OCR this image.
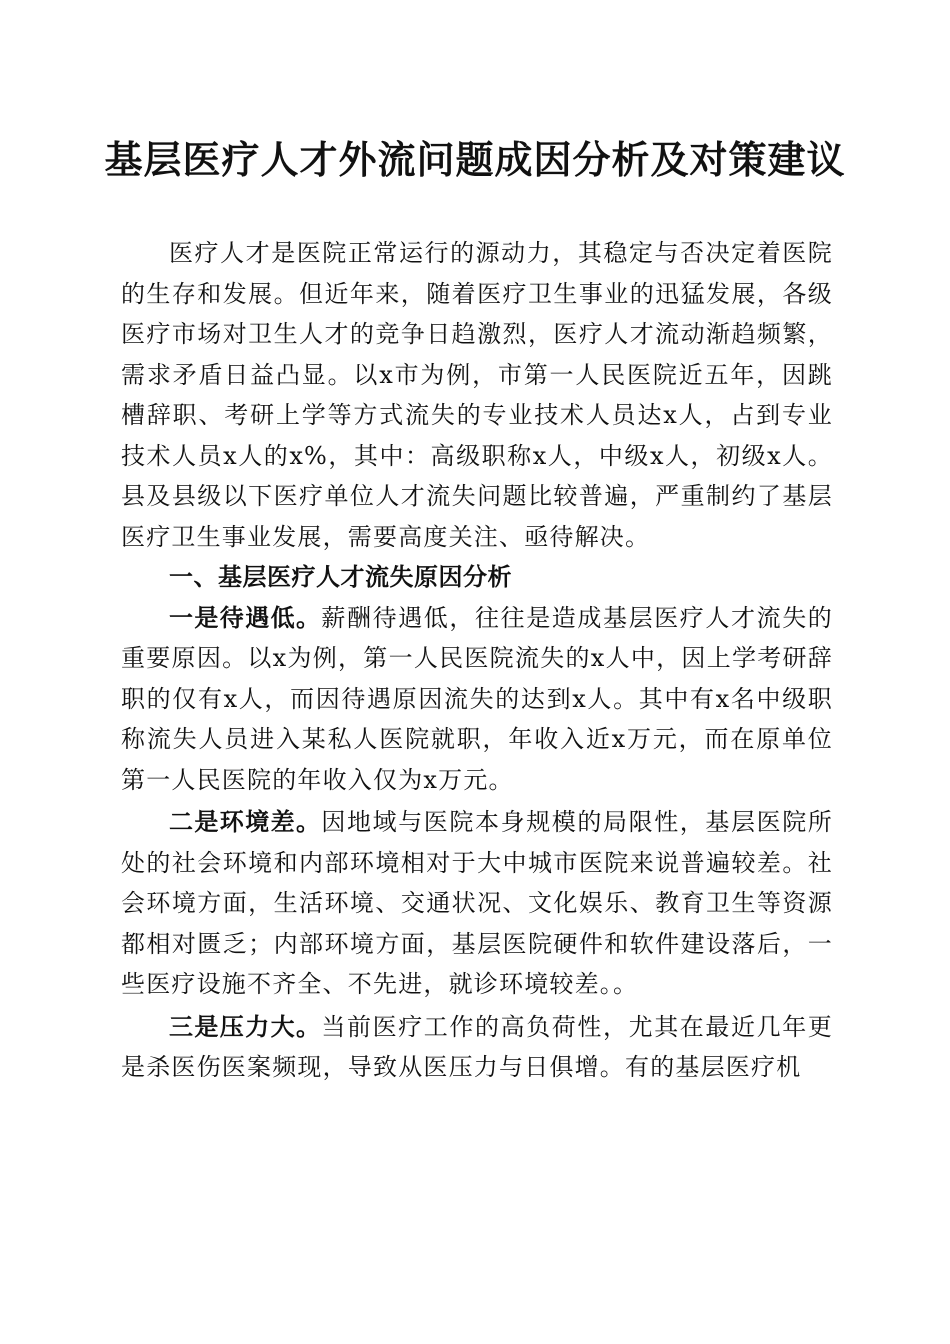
基层医疗人才外流问题成因分析及对策建议

医疗人才是医院正常运行的源动力，其稳定与否决定着医院的生存和发展。但近年来，随着医疗卫生事业的迅猛发展，各级医疗市场对卫生人才的竞争日趋激烈，医疗人才流动渐趋频繁，需求矛盾日益凸显。以x市为例，市第一人民医院近五年，因跳槽辞职、考研上学等方式流失的专业技术人员达x人，占到专业技术人员x人的x%，其中：高级职称x人，中级x人，初级x人。县及县级以下医疗单位人才流失问题比较普遍，严重制约了基层医疗卫生事业发展，需要高度关注、亟待解决。

一、基层医疗人才流失原因分析

一是待遇低。薪酬待遇低，往往是造成基层医疗人才流失的重要原因。以x为例，第一人民医院流失的x人中，因上学考研辞职的仅有x人，而因待遇原因流失的达到x人。其中有x名中级职称流失人员进入某私人医院就职，年收入近x万元，而在原单位第一人民医院的年收入仅为x万元。

二是环境差。因地域与医院本身规模的局限性，基层医院所处的社会环境和内部环境相对于大中城市医院来说普遍较差。社会环境方面，生活环境、交通状况、文化娱乐、教育卫生等资源都相对匮乏；内部环境方面，基层医院硬件和软件建设落后，一些医疗设施不齐全、不先进，就诊环境较差。。

三是压力大。当前医疗工作的高负荷性，尤其在最近几年更是杀医伤医案频现，导致从医压力与日俱增。有的基层医疗机
